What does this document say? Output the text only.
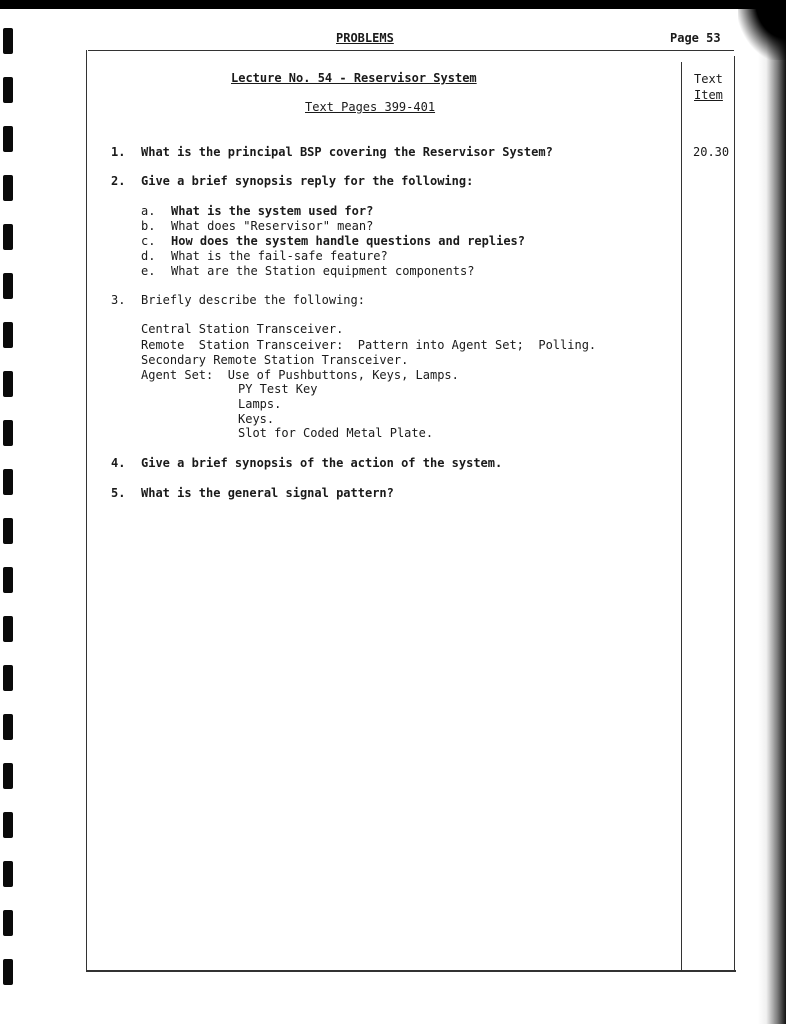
PROBLEMS	Page 53
Lecture No. 54 - Reservisor System
Text Pages 399-401
Text
Item
20.30
1. What is the principal BSP covering the Reservisor System?
2. Give a brief synopsis reply for the following:
a. What is the system used for?
b. What does "Reservisor" mean?
c. How does the system handle questions and replies?
d. What is the fail-safe feature?
e. What are the Station equipment components?
3. Briefly describe the following:
Central Station Transceiver.
Remote  Station Transceiver:  Pattern into Agent Set;  Polling.
Secondary Remote Station Transceiver.
Agent Set:  Use of Pushbuttons, Keys, Lamps.
PY Test Key
Lamps.
Keys.
Slot for Coded Metal Plate.
4. Give a brief synopsis of the action of the system.
5. What is the general signal pattern?
